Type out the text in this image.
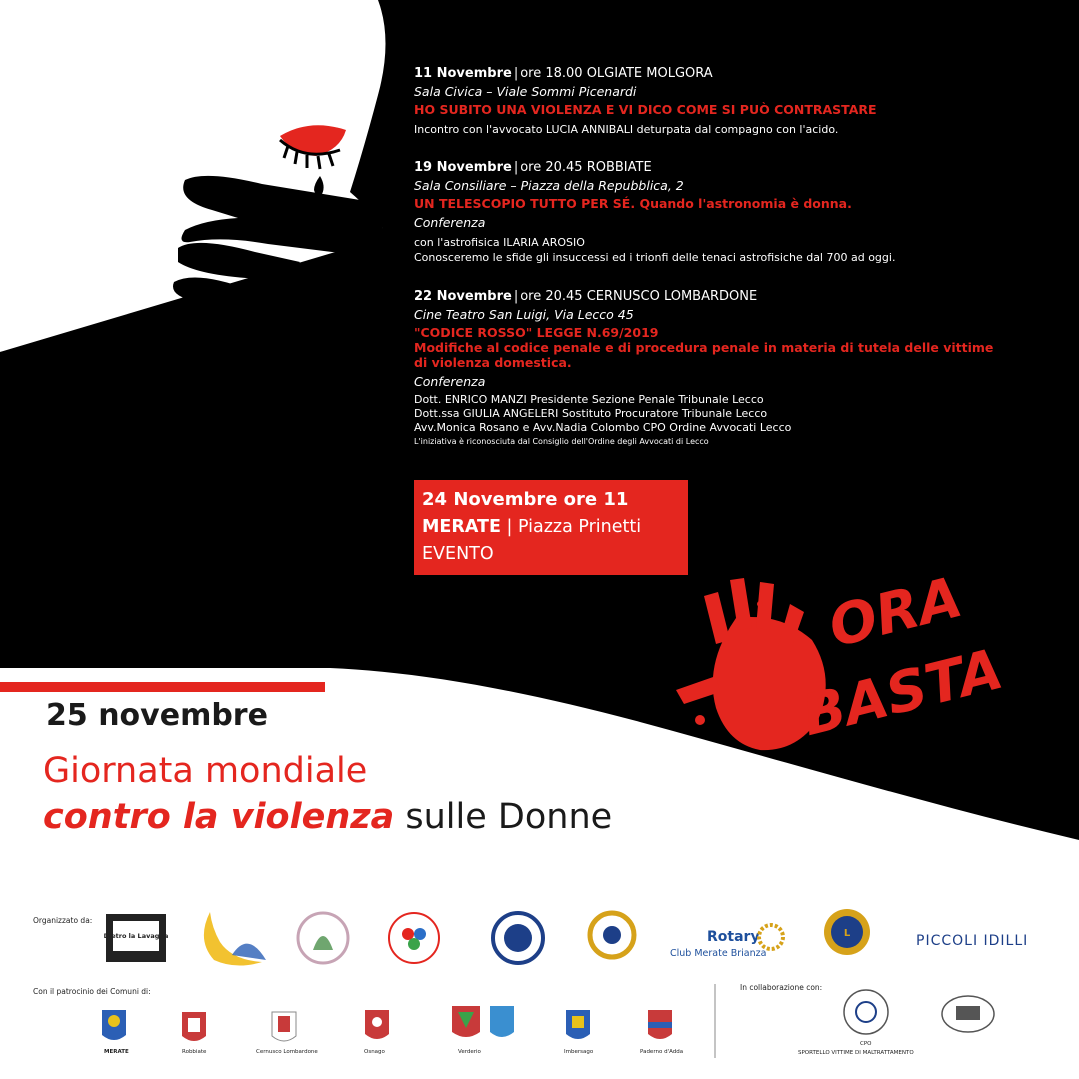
11 Novembre | ore 18.00 OLGIATE MOLGORA
Sala Civica – Viale Sommi Picenardi
HO SUBITO UNA VIOLENZA E VI DICO COME SI PUÒ CONTRASTARE
Incontro con l'avvocato LUCIA ANNIBALI deturpata dal compagno con l'acido.
19 Novembre | ore 20.45 ROBBIATE
Sala Consiliare – Piazza della Repubblica, 2
UN TELESCOPIO TUTTO PER SÉ. Quando l'astronomia è donna.
Conferenza
con l'astrofisica ILARIA AROSIO
Conosceremo le sfide gli insuccessi ed i trionfi delle tenaci astrofisiche dal 700 ad oggi.
22 Novembre | ore 20.45 CERNUSCO LOMBARDONE
Cine Teatro San Luigi, Via Lecco 45
"CODICE ROSSO" LEGGE N.69/2019
Modifiche al codice penale e di procedura penale in materia di tutela delle vittime
di violenza domestica.
Conferenza
Dott. ENRICO MANZI Presidente Sezione Penale Tribunale Lecco
Dott.ssa GIULIA ANGELERI Sostituto Procuratore Tribunale Lecco
Avv.Monica Rosano e Avv.Nadia Colombo CPO Ordine Avvocati Lecco
L'iniziativa è riconosciuta dal Consiglio dell'Ordine degli Avvocati di Lecco
24 Novembre ore 11
MERATE | Piazza Prinetti
EVENTO
ORA
BASTA
25 novembre
Giornata mondiale
contro la violenza sulle Donne
Organizzato da:
Dietro la Lavagna	Rotary
Club Merate Brianza
L	PICCOLI IDILLI
Con il patrocinio dei Comuni di:
MERATE	Robbiate	Cernusco Lombardone	Osnago	Verderio	Imbersago	Paderno d'Adda
In collaborazione con:
CPO
SPORTELLO VITTIME DI MALTRATTAMENTO
